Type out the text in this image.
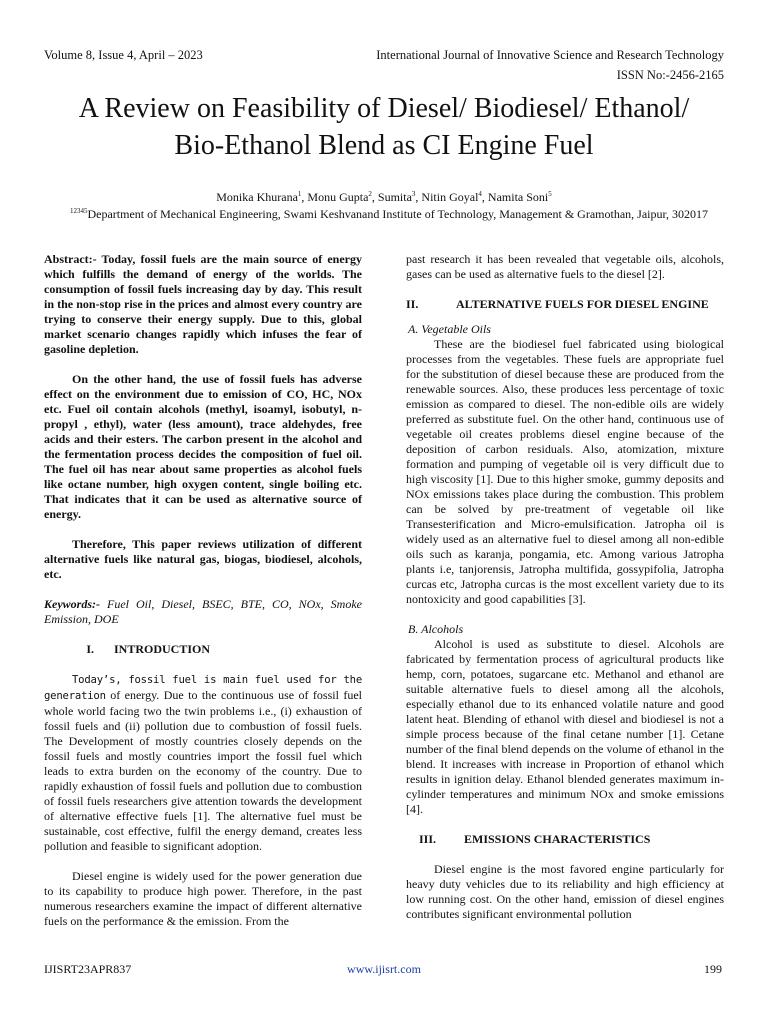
Volume 8, Issue 4, April – 2023	International Journal of Innovative Science and Research Technology
ISSN No:-2456-2165
A Review on Feasibility of Diesel/ Biodiesel/ Ethanol/
Bio-Ethanol Blend as CI Engine Fuel
Monika Khurana$^1$, Monu Gupta$^2$, Sumita$^3$, Nitin Goyal$^4$, Namita Soni$^5$
$^{12345}$Department of Mechanical Engineering, Swami Keshvanand Institute of Technology, Management & Gramothan, Jaipur, 302017

Abstract:- Today, fossil fuels are the main source of energy which fulfills the demand of energy of the worlds. The consumption of fossil fuels increasing day by day. This result in the non-stop rise in the prices and almost every country are trying to conserve their energy supply. Due to this, global market scenario changes rapidly which infuses the fear of gasoline depletion.

On the other hand, the use of fossil fuels has adverse effect on the environment due to emission of CO, HC, NOx etc. Fuel oil contain alcohols (methyl, isoamyl, isobutyl, n-propyl , ethyl), water (less amount), trace aldehydes, free acids and their esters. The carbon present in the alcohol and the fermentation process decides the composition of fuel oil. The fuel oil has near about same properties as alcohol fuels like octane number, high oxygen content, single boiling etc. That indicates that it can be used as alternative source of energy.

Therefore, This paper reviews utilization of different alternative fuels like natural gas, biogas, biodiesel, alcohols, etc.

Keywords:- Fuel Oil, Diesel, BSEC, BTE, CO, NOx, Smoke Emission, DOE

I.	INTRODUCTION

Today’s, fossil fuel is main fuel used for the generation of energy. Due to the continuous use of fossil fuel whole world facing two the twin problems i.e., (i) exhaustion of fossil fuels and (ii) pollution due to combustion of fossil fuels. The Development of mostly countries closely depends on the fossil fuels and mostly countries import the fossil fuel which leads to extra burden on the economy of the country. Due to rapidly exhaustion of fossil fuels and pollution due to combustion of fossil fuels researchers give attention towards the development of alternative effective fuels [1]. The alternative fuel must be sustainable, cost effective, fulfil the energy demand, creates less pollution and feasible to significant adoption.

Diesel engine is widely used for the power generation due to its capability to produce high power. Therefore, in the past numerous researchers examine the impact of different alternative fuels on the performance & the emission. From the

past research it has been revealed that vegetable oils, alcohols, gases can be used as alternative fuels to the diesel [2].

II.	ALTERNATIVE FUELS FOR DIESEL ENGINE

A. Vegetable Oils

These are the biodiesel fuel fabricated using biological processes from the vegetables. These fuels are appropriate fuel for the substitution of diesel because these are produced from the renewable sources. Also, these produces less percentage of toxic emission as compared to diesel. The non-edible oils are widely preferred as substitute fuel. On the other hand, continuous use of vegetable oil creates problems diesel engine because of the deposition of carbon residuals. Also, atomization, mixture formation and pumping of vegetable oil is very difficult due to high viscosity [1]. Due to this higher smoke, gummy deposits and NOx emissions takes place during the combustion. This problem can be solved by pre-treatment of vegetable oil like Transesterification and Micro-emulsification. Jatropha oil is widely used as an alternative fuel to diesel among all non-edible oils such as karanja, pongamia, etc. Among various Jatropha plants i.e, tanjorensis, Jatropha multifida, gossypifolia, Jatropha curcas etc, Jatropha curcas is the most excellent variety due to its nontoxicity and good capabilities [3].

B. Alcohols

Alcohol is used as substitute to diesel. Alcohols are fabricated by fermentation process of agricultural products like hemp, corn, potatoes, sugarcane etc. Methanol and ethanol are suitable alternative fuels to diesel among all the alcohols, especially ethanol due to its enhanced volatile nature and good latent heat. Blending of ethanol with diesel and biodiesel is not a simple process because of the final cetane number [1]. Cetane number of the final blend depends on the volume of ethanol in the blend. It increases with increase in Proportion of ethanol which results in ignition delay. Ethanol blended generates maximum in-cylinder temperatures and minimum NOx and smoke emissions [4].

III.	EMISSIONS CHARACTERISTICS

Diesel engine is the most favored engine particularly for heavy duty vehicles due to its reliability and high efficiency at low running cost. On the other hand, emission of diesel engines contributes significant environmental pollution

IJISRT23APR837	www.ijisrt.com	199
